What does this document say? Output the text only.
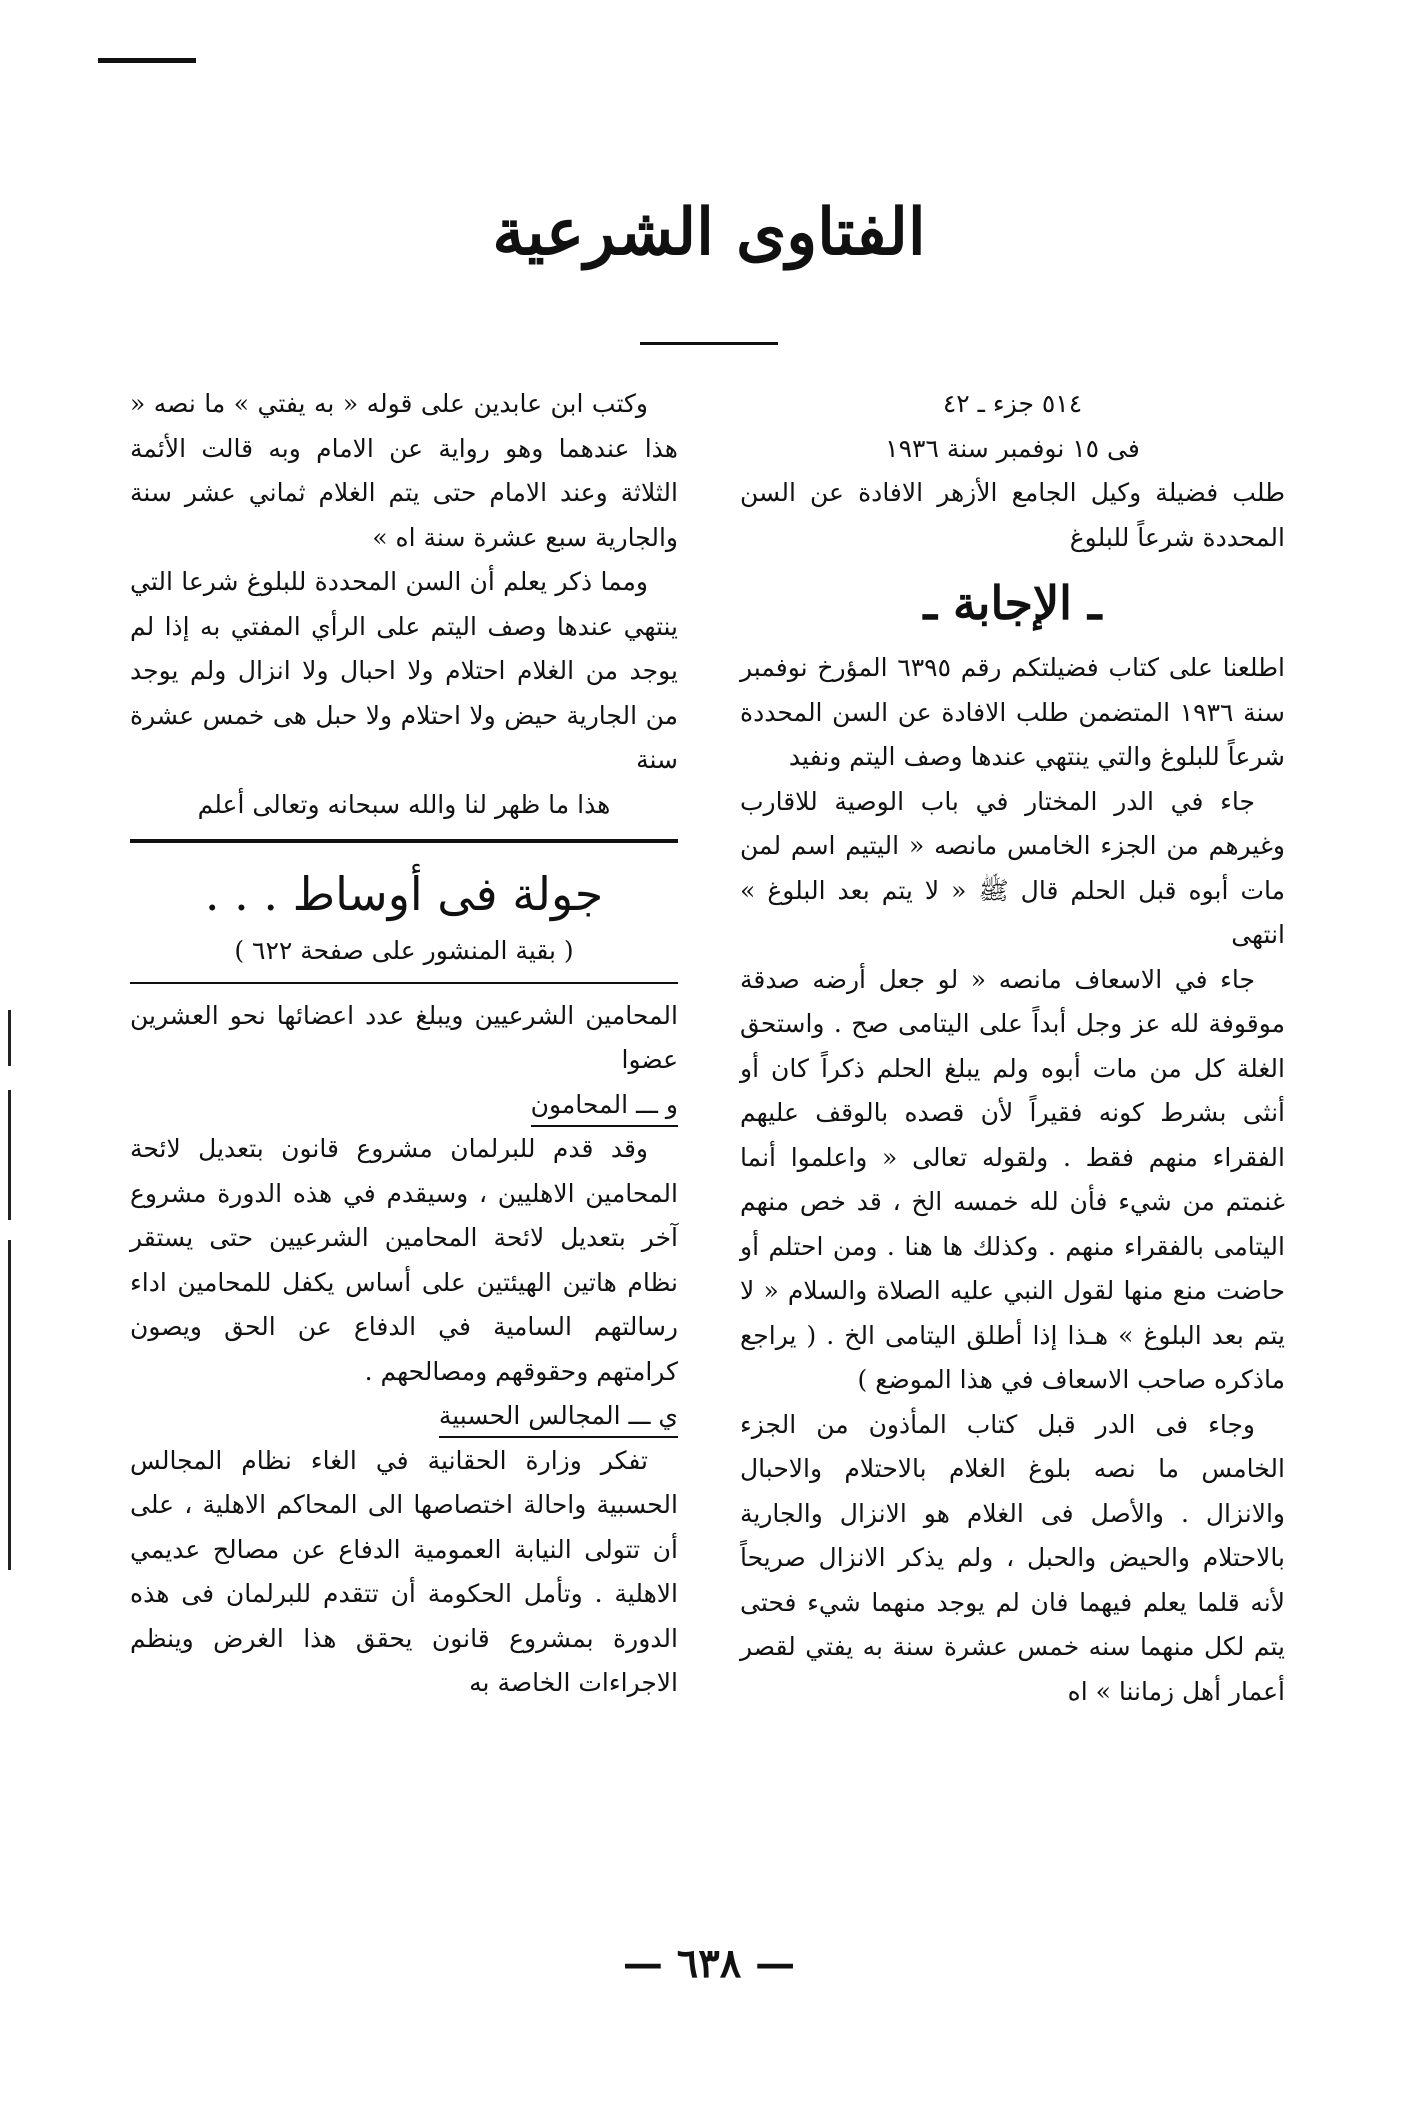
الفتاوى الشرعية

٥١٤ جزء ـ ٤٢

فى ١٥ نوفمبر سنة ١٩٣٦

طلب فضيلة وكيل الجامع الأزهر الافادة عن السن المحددة شرعاً للبلوغ

ـ الإجابة ـ

اطلعنا على كتاب فضيلتكم رقم ٦٣٩٥ المؤرخ نوفمبر سنة ١٩٣٦ المتضمن طلب الافادة عن السن المحددة شرعاً للبلوغ والتي ينتهي عندها وصف اليتم ونفيد

جاء في الدر المختار في باب الوصية للاقارب وغيرهم من الجزء الخامس مانصه « اليتيم اسم لمن مات أبوه قبل الحلم قال ﷺ « لا يتم بعد البلوغ » انتهى

جاء في الاسعاف مانصه « لو جعل أرضه صدقة موقوفة لله عز وجل أبداً على اليتامى صح . واستحق الغلة كل من مات أبوه ولم يبلغ الحلم ذكراً كان أو أنثى بشرط كونه فقيراً لأن قصده بالوقف عليهم الفقراء منهم فقط . ولقوله تعالى « واعلموا أنما غنمتم من شيء فأن لله خمسه الخ ، قد خص منهم اليتامى بالفقراء منهم . وكذلك ها هنا . ومن احتلم أو حاضت منع منها لقول النبي عليه الصلاة والسلام « لا يتم بعد البلوغ » هـذا إذا أطلق اليتامى الخ . ( يراجع ماذكره صاحب الاسعاف في هذا الموضع )

وجاء فى الدر قبل كتاب المأذون من الجزء الخامس ما نصه بلوغ الغلام بالاحتلام والاحبال والانزال . والأصل فى الغلام هو الانزال والجارية بالاحتلام والحيض والحبل ، ولم يذكر الانزال صريحاً لأنه قلما يعلم فيهما فان لم يوجد منهما شيء فحتى يتم لكل منهما سنه خمس عشرة سنة به يفتي لقصر أعمار أهل زماننا » اه

وكتب ابن عابدين على قوله « به يفتي » ما نصه « هذا عندهما وهو رواية عن الامام وبه قالت الأئمة الثلاثة وعند الامام حتى يتم الغلام ثماني عشر سنة والجارية سبع عشرة سنة اه »

ومما ذكر يعلم أن السن المحددة للبلوغ شرعا التي ينتهي عندها وصف اليتم على الرأي المفتي به إذا لم يوجد من الغلام احتلام ولا احبال ولا انزال ولم يوجد من الجارية حيض ولا احتلام ولا حبل هى خمس عشرة سنة

هذا ما ظهر لنا والله سبحانه وتعالى أعلم

جولة فى أوساط . . .

( بقية المنشور على صفحة ٦٢٢ )

المحامين الشرعيين ويبلغ عدد اعضائها نحو العشرين عضوا

و ـــ المحامون

وقد قدم للبرلمان مشروع قانون بتعديل لائحة المحامين الاهليين ، وسيقدم في هذه الدورة مشروع آخر بتعديل لائحة المحامين الشرعيين حتى يستقر نظام هاتين الهيئتين على أساس يكفل للمحامين اداء رسالتهم السامية في الدفاع عن الحق ويصون كرامتهم وحقوقهم ومصالحهم .

ي ـــ المجالس الحسبية

تفكر وزارة الحقانية في الغاء نظام المجالس الحسبية واحالة اختصاصها الى المحاكم الاهلية ، على أن تتولى النيابة العمومية الدفاع عن مصالح عديمي الاهلية . وتأمل الحكومة أن تتقدم للبرلمان فى هذه الدورة بمشروع قانون يحقق هذا الغرض وينظم الاجراءات الخاصة به

— ٦٣٨ —
